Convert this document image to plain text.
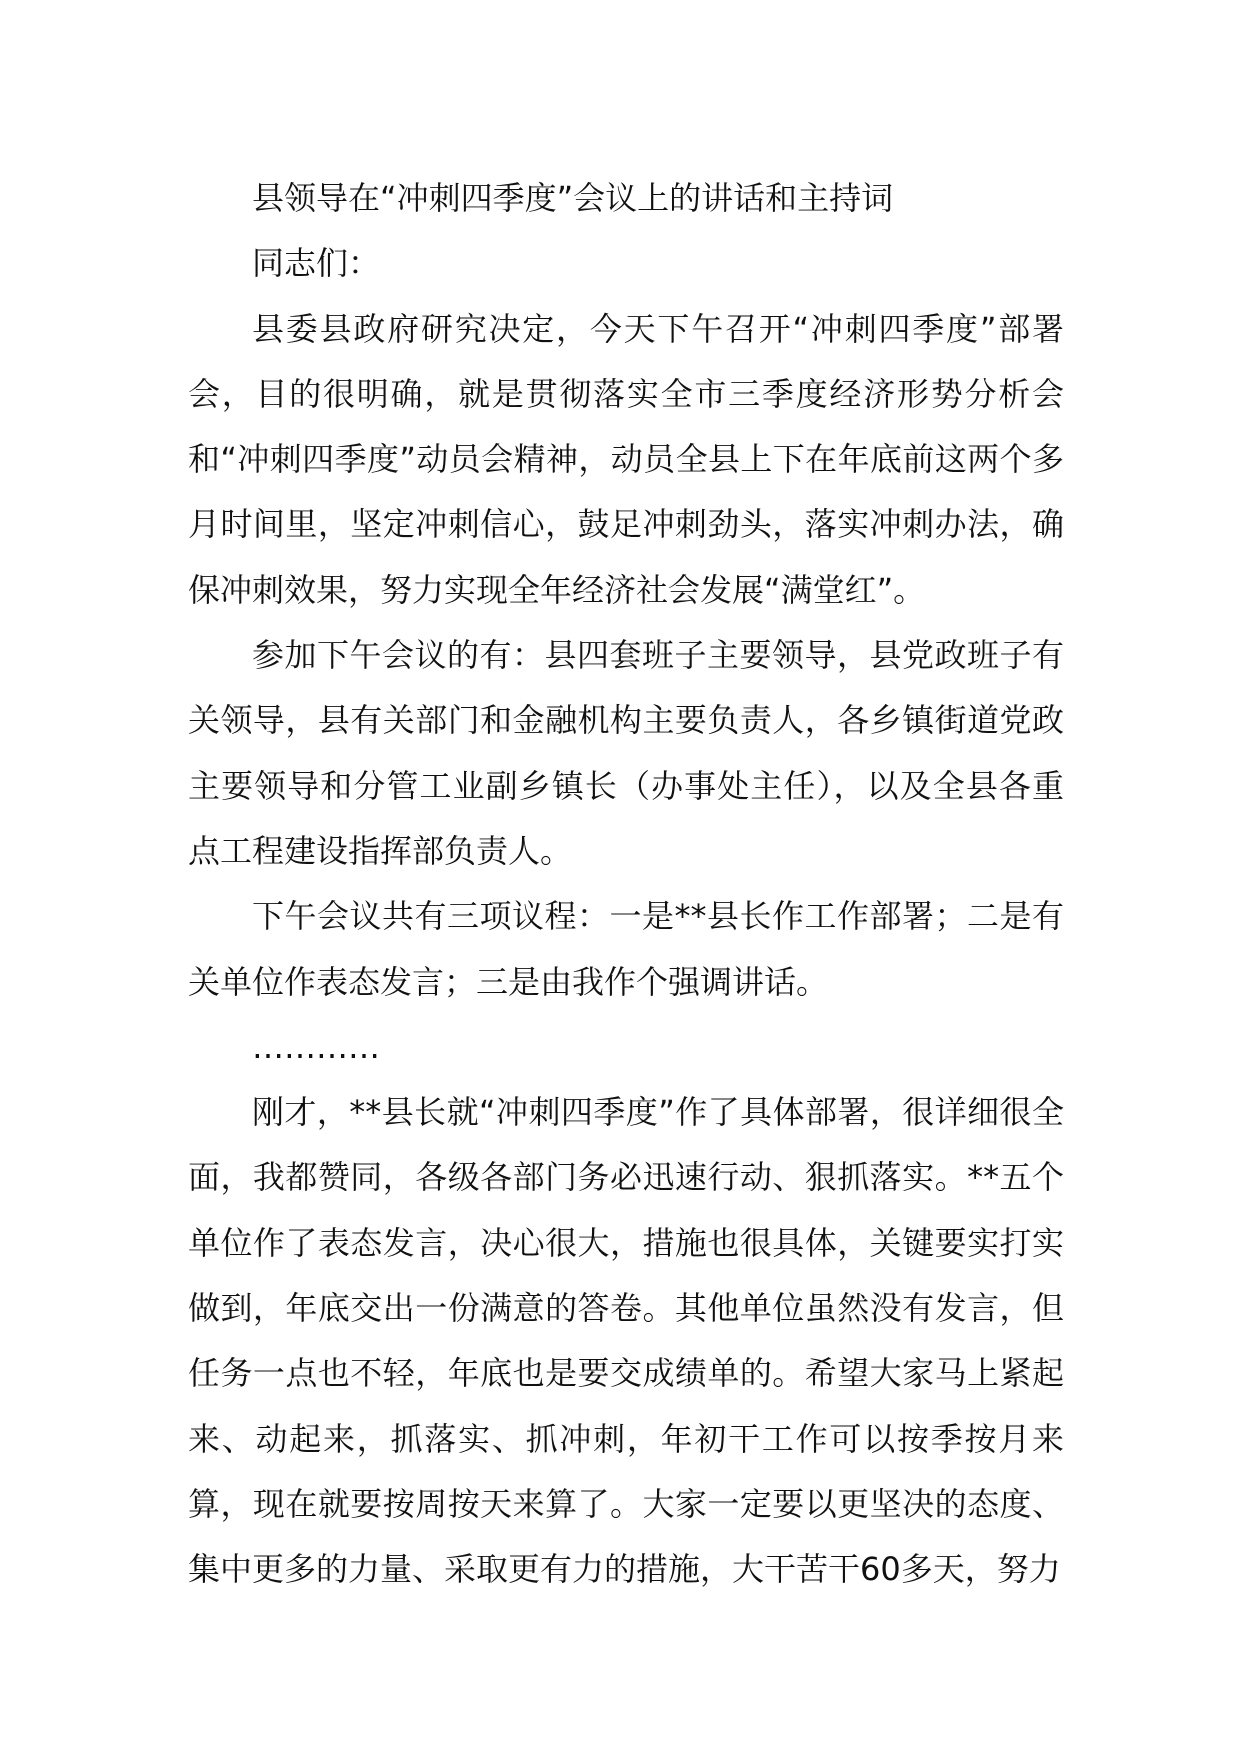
县领导在“冲刺四季度”会议上的讲话和主持词

同志们：

县委县政府研究决定，今天下午召开“冲刺四季度”部署会，目的很明确，就是贯彻落实全市三季度经济形势分析会和“冲刺四季度”动员会精神，动员全县上下在年底前这两个多月时间里，坚定冲刺信心，鼓足冲刺劲头，落实冲刺办法，确保冲刺效果，努力实现全年经济社会发展“满堂红”。

参加下午会议的有：县四套班子主要领导，县党政班子有关领导，县有关部门和金融机构主要负责人，各乡镇街道党政主要领导和分管工业副乡镇长（办事处主任），以及全县各重点工程建设指挥部负责人。

下午会议共有三项议程：一是**县长作工作部署；二是有关单位作表态发言；三是由我作个强调讲话。

…………

刚才，**县长就“冲刺四季度”作了具体部署，很详细很全面，我都赞同，各级各部门务必迅速行动、狠抓落实。**五个单位作了表态发言，决心很大，措施也很具体，关键要实打实做到，年底交出一份满意的答卷。其他单位虽然没有发言，但任务一点也不轻，年底也是要交成绩单的。希望大家马上紧起来、动起来，抓落实、抓冲刺，年初干工作可以按季按月来算，现在就要按周按天来算了。大家一定要以更坚决的态度、集中更多的力量、采取更有力的措施，大干苦干60多天，努力
